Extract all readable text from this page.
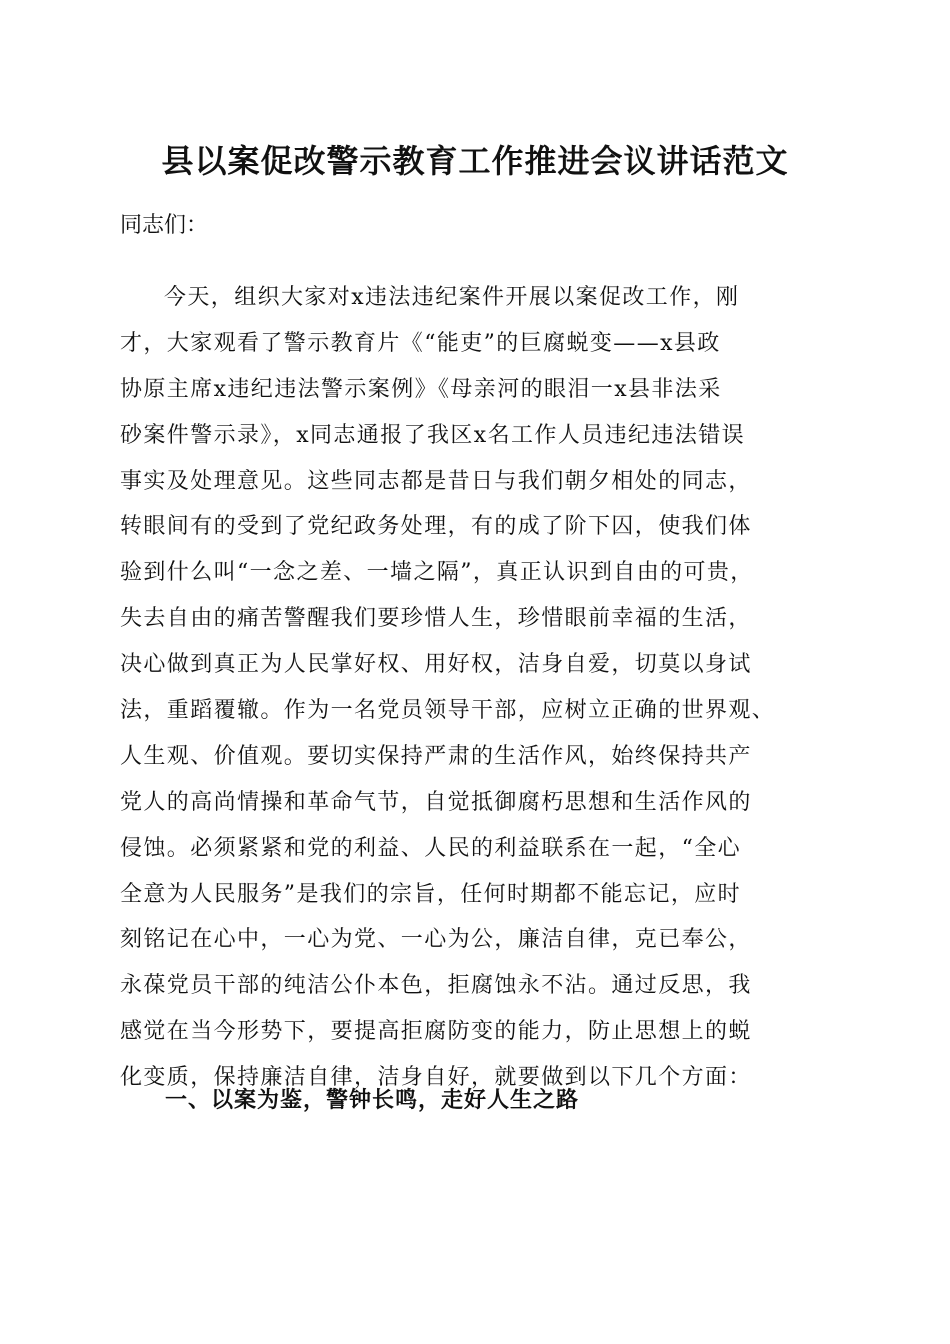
县以案促改警示教育工作推进会议讲话范文

同志们：

今天，组织大家对x违法违纪案件开展以案促改工作，刚
才，大家观看了警示教育片《“能吏”的巨腐蜕变——x县政
协原主席x违纪违法警示案例》《母亲河的眼泪一x县非法采
砂案件警示录》，x同志通报了我区x名工作人员违纪违法错误
事实及处理意见。这些同志都是昔日与我们朝夕相处的同志，
转眼间有的受到了党纪政务处理，有的成了阶下囚，使我们体
验到什么叫“一念之差、一墙之隔”，真正认识到自由的可贵，
失去自由的痛苦警醒我们要珍惜人生，珍惜眼前幸福的生活，
决心做到真正为人民掌好权、用好权，洁身自爱，切莫以身试
法，重蹈覆辙。作为一名党员领导干部，应树立正确的世界观、
人生观、价值观。要切实保持严肃的生活作风，始终保持共产
党人的高尚情操和革命气节，自觉抵御腐朽思想和生活作风的
侵蚀。必须紧紧和党的利益、人民的利益联系在一起，“全心
全意为人民服务”是我们的宗旨，任何时期都不能忘记，应时
刻铭记在心中，一心为党、一心为公，廉洁自律，克已奉公，
永葆党员干部的纯洁公仆本色，拒腐蚀永不沾。通过反思，我
感觉在当今形势下，要提高拒腐防变的能力，防止思想上的蜕
化变质，保持廉洁自律，洁身自好，就要做到以下几个方面：
一、以案为鉴，警钟长鸣，走好人生之路
